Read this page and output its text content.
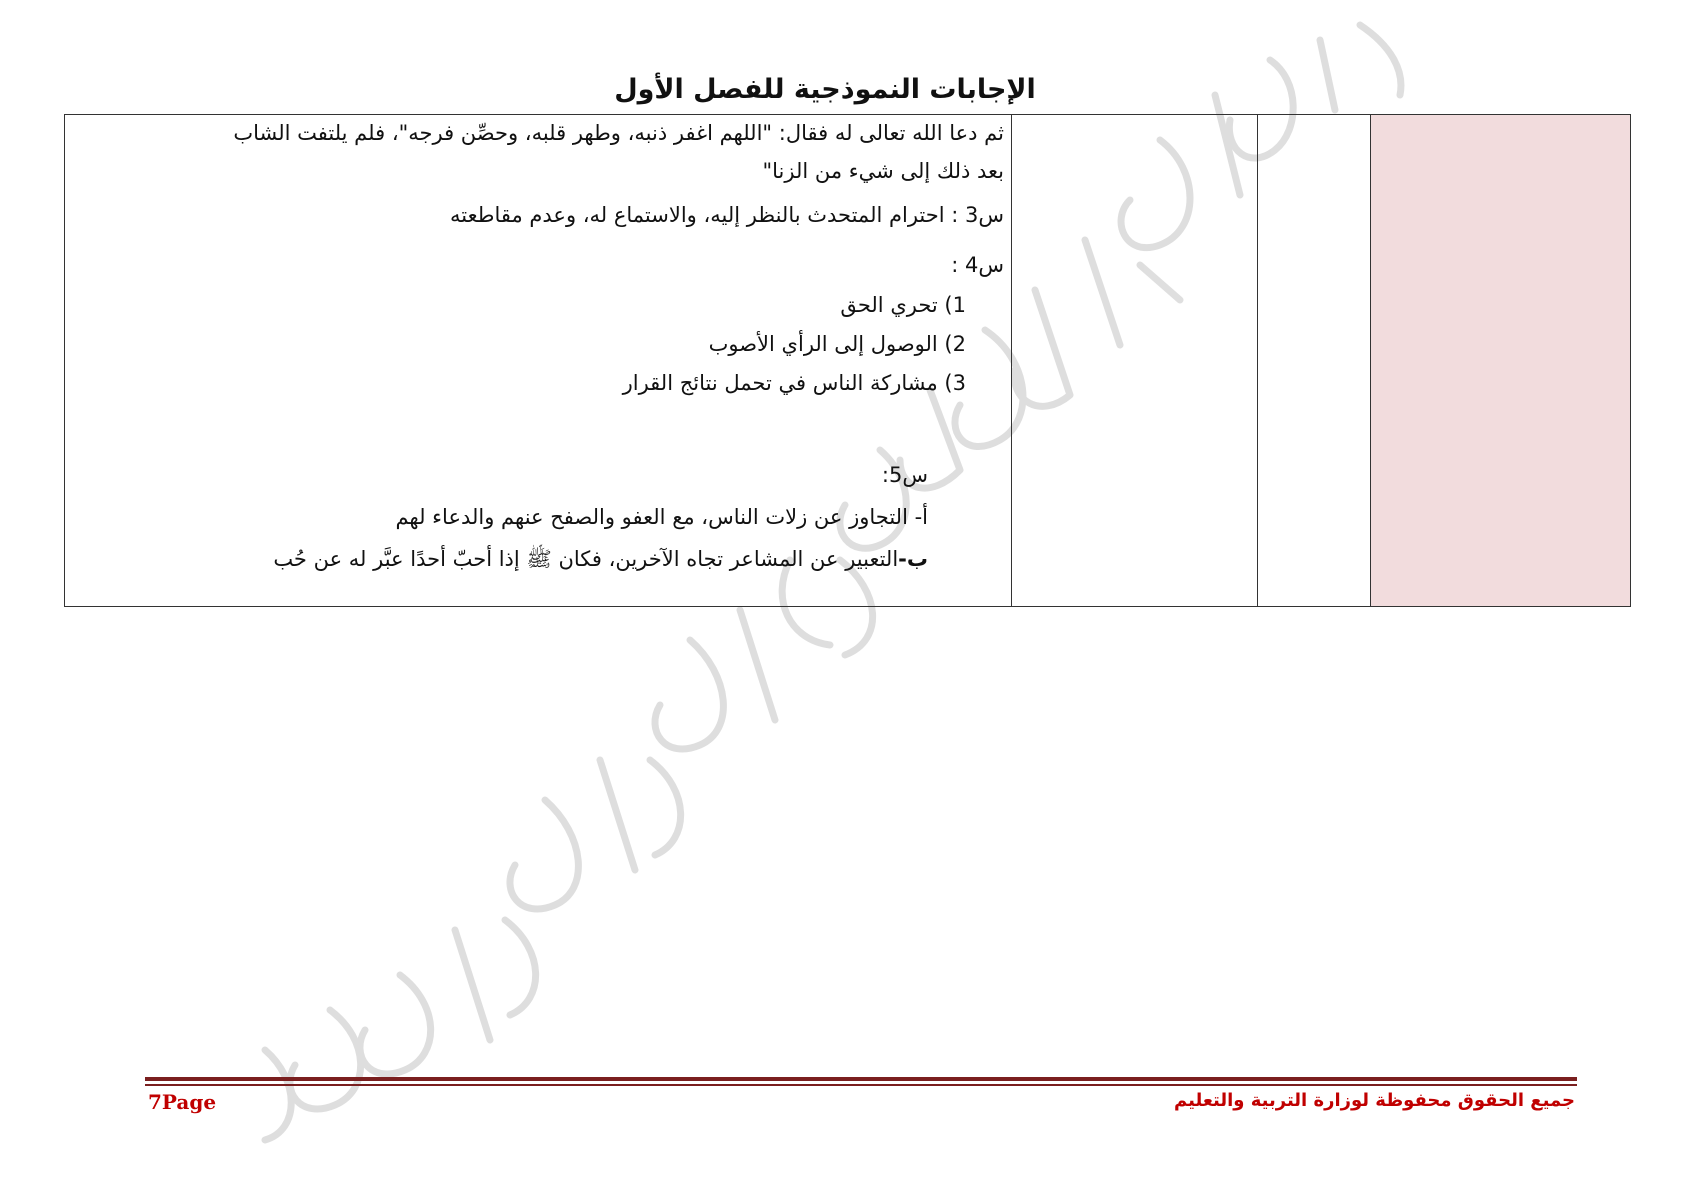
الإجابات النموذجية للفصل الأول
ثم دعا الله تعالى له فقال: "اللهم اغفر ذنبه، وطهر قلبه، وحصِّن فرجه"، فلم يلتفت الشاب
بعد ذلك إلى شيء من الزنا"
س3 : احترام المتحدث بالنظر إليه، والاستماع له، وعدم مقاطعته
س4 :
1) تحري الحق
2) الوصول إلى الرأي الأصوب
3) مشاركة الناس في تحمل نتائج القرار
س5:
أ- التجاوز عن زلات الناس، مع العفو والصفح عنهم والدعاء لهم
ب-التعبير عن المشاعر تجاه الآخرين، فكان ﷺ إذا أحبّ أحدًا عبَّر له عن حُب
7Page	جميع الحقوق محفوظة لوزارة التربية والتعليم
